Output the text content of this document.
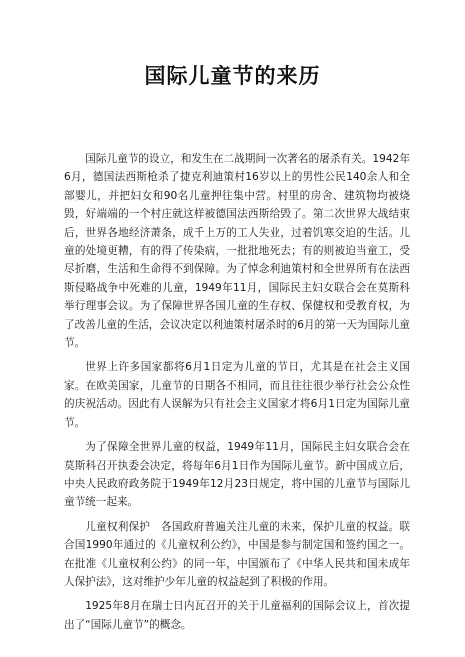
国际儿童节的来历

国际儿童节的设立，和发生在二战期间一次著名的屠杀有关。1942年6月，德国法西斯枪杀了捷克利迪策村16岁以上的男性公民140余人和全部婴儿，并把妇女和90名儿童押往集中营。村里的房舍、建筑物均被烧毁，好端端的一个村庄就这样被德国法西斯给毁了。第二次世界大战结束后，世界各地经济萧条，成千上万的工人失业，过着饥寒交迫的生活。儿童的处境更糟，有的得了传染病，一批批地死去；有的则被迫当童工，受尽折磨，生活和生命得不到保障。为了悼念利迪策村和全世界所有在法西斯侵略战争中死难的儿童，1949年11月，国际民主妇女联合会在莫斯科举行理事会议。为了保障世界各国儿童的生存权、保健权和受教育权，为了改善儿童的生活，会议决定以利迪策村屠杀时的6月的第一天为国际儿童节。

世界上许多国家都将6月1日定为儿童的节日，尤其是在社会主义国家。在欧美国家，儿童节的日期各不相同，而且往往很少举行社会公众性的庆祝活动。因此有人误解为只有社会主义国家才将6月1日定为国际儿童节。

为了保障全世界儿童的权益，1949年11月，国际民主妇女联合会在莫斯科召开执委会决定，将每年6月1日作为国际儿童节。新中国成立后，中央人民政府政务院于1949年12月23日规定，将中国的儿童节与国际儿童节统一起来。

儿童权利保护　各国政府普遍关注儿童的未来，保护儿童的权益。联合国1990年通过的《儿童权利公约》，中国是参与制定国和签约国之一。在批准《儿童权利公约》的同一年，中国颁布了《中华人民共和国未成年人保护法》，这对维护少年儿童的权益起到了积极的作用。

1925年8月在瑞士日内瓦召开的关于儿童福利的国际会议上，首次提出了“国际儿童节”的概念。
